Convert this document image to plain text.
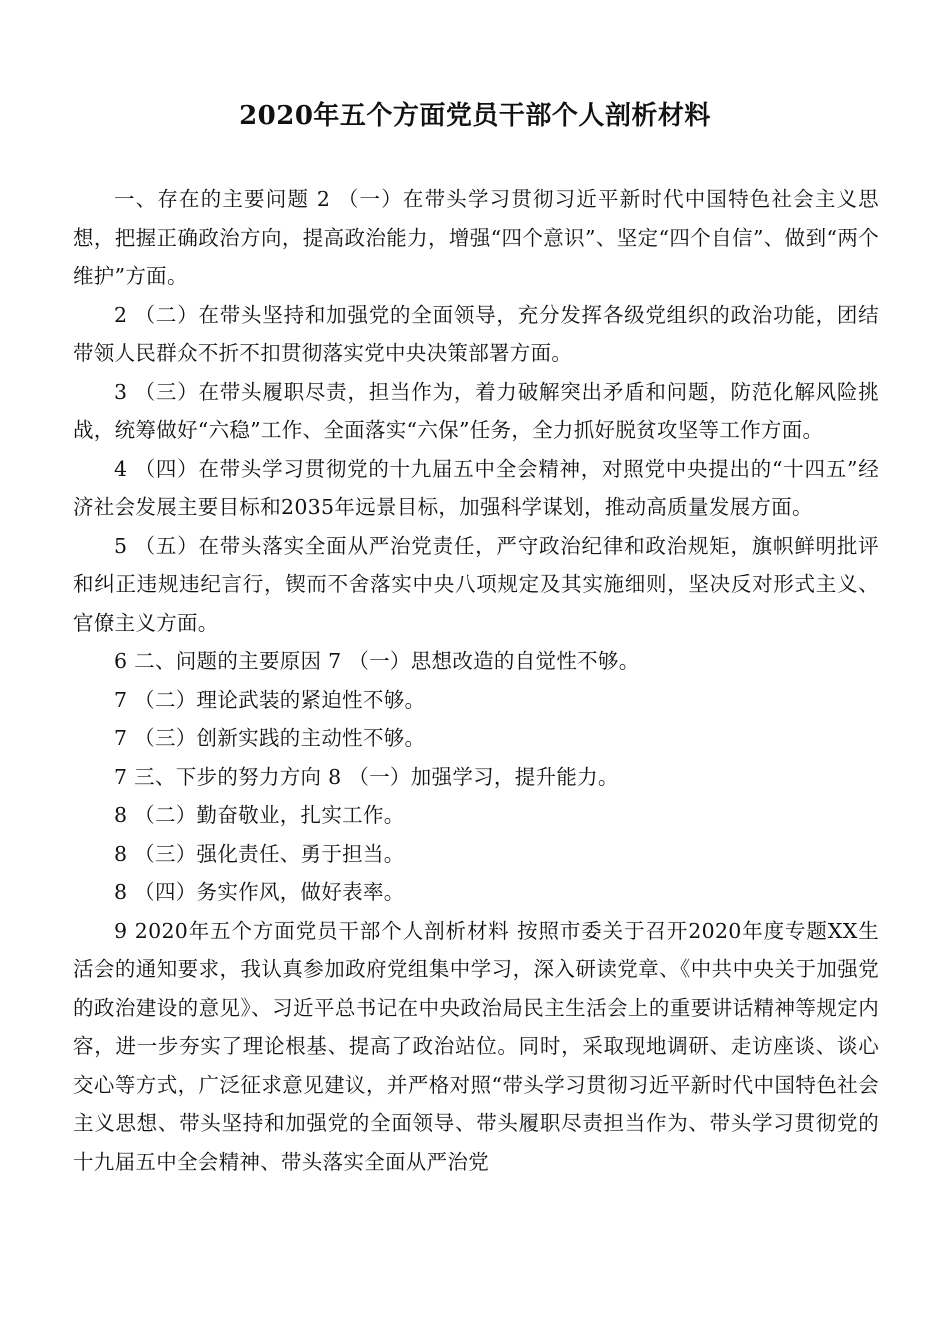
2020年五个方面党员干部个人剖析材料

一、存在的主要问题 2 （一）在带头学习贯彻习近平新时代中国特色社会主义思想，把握正确政治方向，提高政治能力，增强“四个意识”、坚定“四个自信”、做到“两个维护”方面。

2 （二）在带头坚持和加强党的全面领导，充分发挥各级党组织的政治功能，团结带领人民群众不折不扣贯彻落实党中央决策部署方面。

3 （三）在带头履职尽责，担当作为，着力破解突出矛盾和问题，防范化解风险挑战，统筹做好“六稳”工作、全面落实“六保”任务，全力抓好脱贫攻坚等工作方面。

4 （四）在带头学习贯彻党的十九届五中全会精神，对照党中央提出的“十四五”经济社会发展主要目标和2035年远景目标，加强科学谋划，推动高质量发展方面。

5 （五）在带头落实全面从严治党责任，严守政治纪律和政治规矩，旗帜鲜明批评和纠正违规违纪言行，锲而不舍落实中央八项规定及其实施细则，坚决反对形式主义、官僚主义方面。

6 二、问题的主要原因 7 （一）思想改造的自觉性不够。

7 （二）理论武装的紧迫性不够。

7 （三）创新实践的主动性不够。

7 三、下步的努力方向 8 （一）加强学习，提升能力。

8 （二）勤奋敬业，扎实工作。

8 （三）强化责任、勇于担当。

8 （四）务实作风，做好表率。

9 2020年五个方面党员干部个人剖析材料 按照市委关于召开2020年度专题XX生活会的通知要求，我认真参加政府党组集中学习，深入研读党章、《中共中央关于加强党的政治建设的意见》、习近平总书记在中央政治局民主生活会上的重要讲话精神等规定内容，进一步夯实了理论根基、提高了政治站位。同时，采取现地调研、走访座谈、谈心交心等方式，广泛征求意见建议，并严格对照“带头学习贯彻习近平新时代中国特色社会主义思想、带头坚持和加强党的全面领导、带头履职尽责担当作为、带头学习贯彻党的十九届五中全会精神、带头落实全面从严治党
